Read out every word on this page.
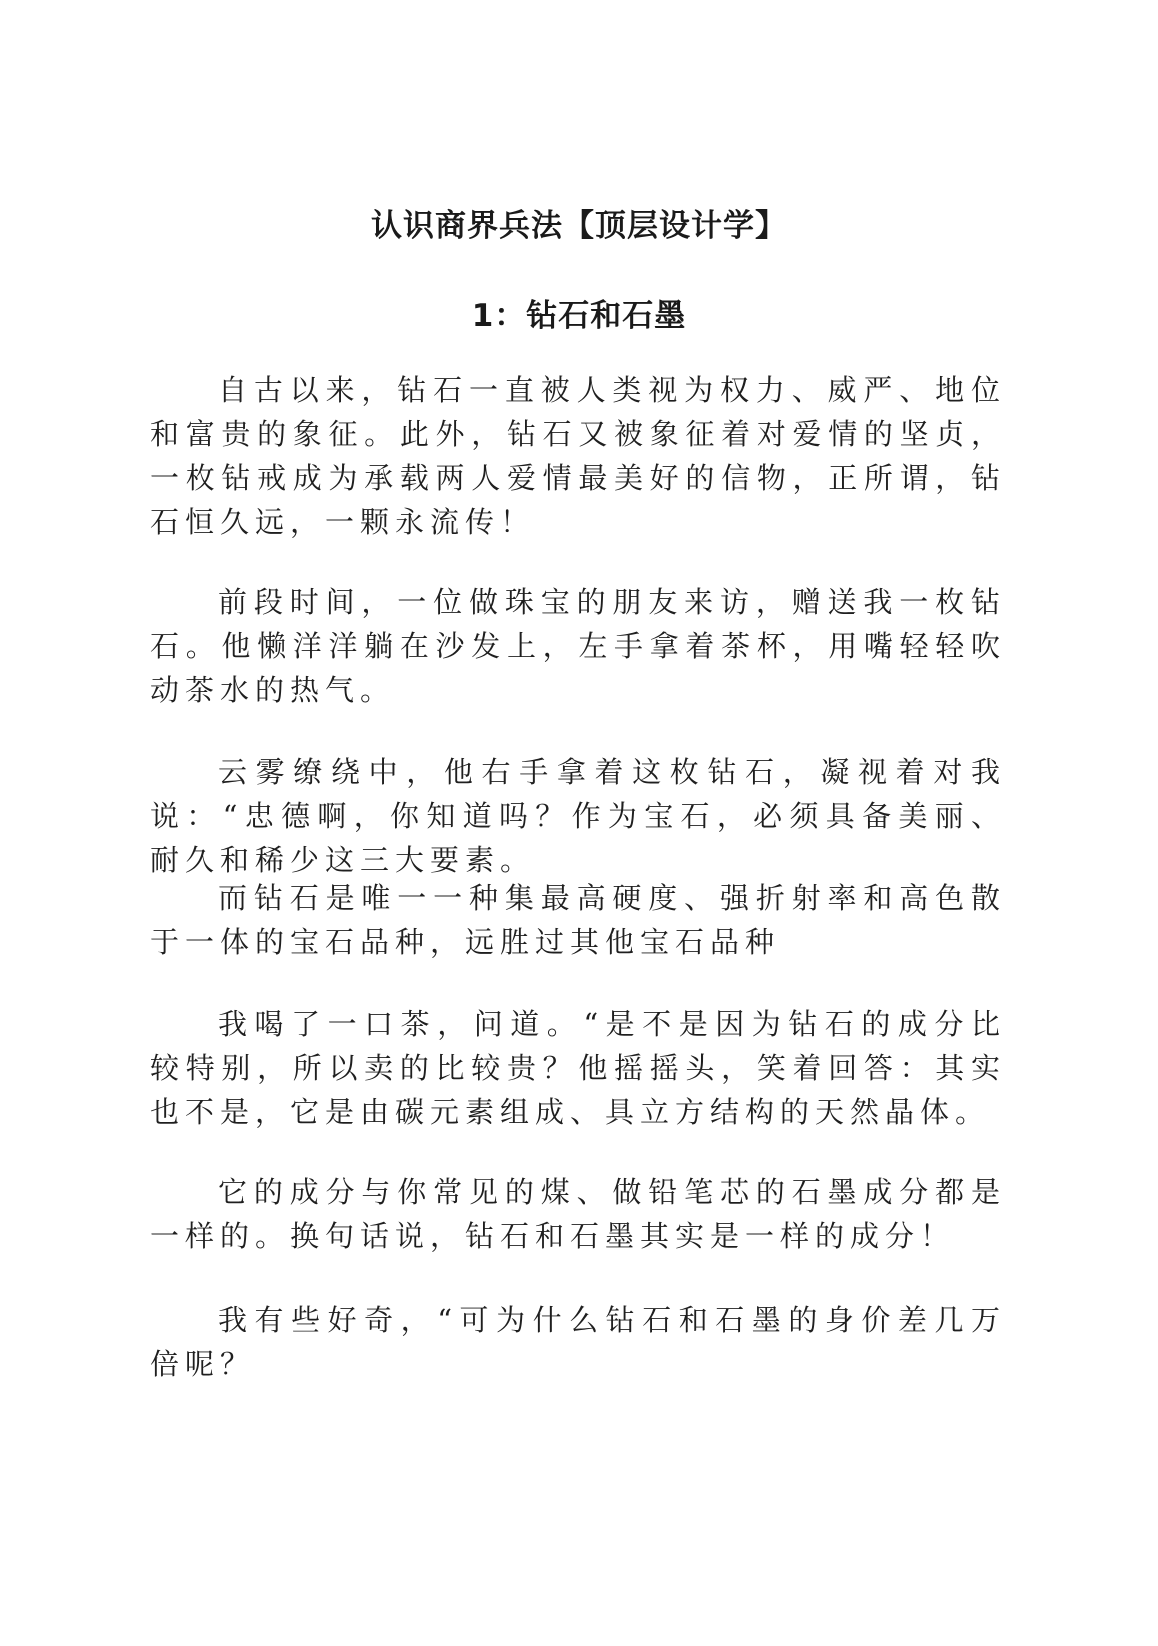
认识商界兵法【顶层设计学】
1：钻石和石墨

自古以来，钻石一直被人类视为权力、威严、地位和富贵的象征。此外，钻石又被象征着对爱情的坚贞，一枚钻戒成为承载两人爱情最美好的信物，正所谓，钻石恒久远，一颗永流传！

前段时间，一位做珠宝的朋友来访，赠送我一枚钻石。他懒洋洋躺在沙发上，左手拿着茶杯，用嘴轻轻吹动茶水的热气。

云雾缭绕中，他右手拿着这枚钻石，凝视着对我说：“忠德啊，你知道吗？作为宝石，必须具备美丽、耐久和稀少这三大要素。

而钻石是唯一一种集最高硬度、强折射率和高色散于一体的宝石品种，远胜过其他宝石品种

我喝了一口茶，问道。“是不是因为钻石的成分比较特别，所以卖的比较贵？他摇摇头，笑着回答：其实也不是，它是由碳元素组成、具立方结构的天然晶体。

它的成分与你常见的煤、做铅笔芯的石墨成分都是一样的。换句话说，钻石和石墨其实是一样的成分！

我有些好奇，“可为什么钻石和石墨的身价差几万倍呢？
